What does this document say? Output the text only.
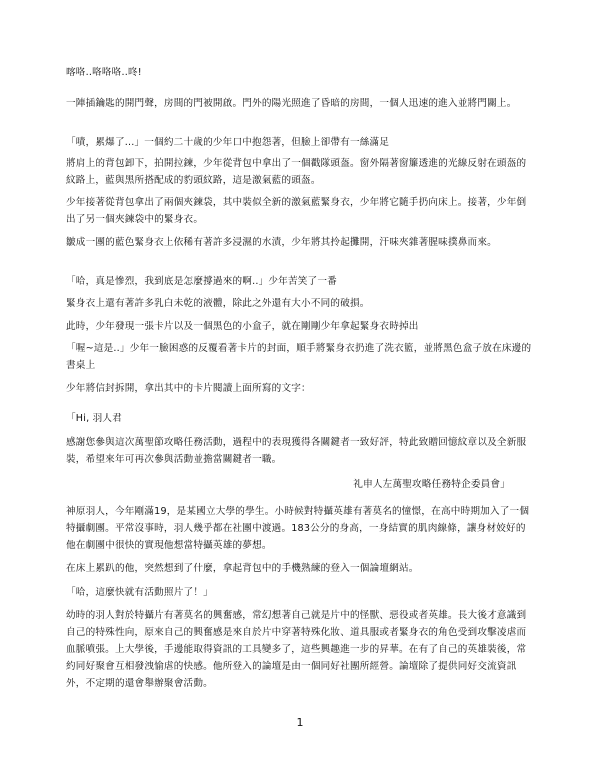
喀咯..咯咯咯..咚!

一陣插鑰匙的開門聲，房間的門被開啟。門外的陽光照進了昏暗的房間，一個人迅速的進入並將門關上。

「嘖，累爆了...」一個約二十歲的少年口中抱怨著，但臉上卻帶有一絲滿足

將肩上的背包卸下，拍開拉鍊，少年從背包中拿出了一個戳隊頭盔。窗外隔著窗簾透進的光線反射在頭盔的紋路上，藍與黑所搭配成的豹頭紋路，這是激氣藍的頭盔。

少年接著從背包拿出了兩個夾鍊袋，其中裝似全新的激氣藍緊身衣，少年將它隨手扔向床上。接著，少年倒出了另一個夾鍊袋中的緊身衣。

皺成一團的藍色緊身衣上依稀有著許多浸濕的水漬，少年將其拎起攤開，汗味夾雜著腥味撲鼻而來。

「哈，真是慘烈，我到底是怎麼撐過來的啊..」少年苦笑了一番

緊身衣上還有著許多乳白未乾的液體，除此之外還有大小不同的破損。

此時，少年發現一張卡片以及一個黑色的小盒子，就在剛剛少年拿起緊身衣時掉出

「喔~這是..」少年一臉困惑的反覆看著卡片的封面，順手將緊身衣扔進了洗衣籃，並將黑色盒子放在床邊的書桌上

少年將信封拆開，拿出其中的卡片閱讀上面所寫的文字：

「Hi, 羽人君

感謝您參與這次萬聖節攻略任務活動，過程中的表現獲得各關鍵者一致好評，特此致贈回憶紋章以及全新服裝，希望來年可再次參與活動並擔當關鍵者一職。

礼申人左萬聖攻略任務特企委員會」

神原羽人，今年剛滿19，是某國立大學的學生。小時候對特攝英雄有著莫名的憧憬，在高中時期加入了一個特攝劇團。平常沒事時，羽人幾乎都在社團中渡過。183公分的身高，一身結實的肌肉線條，讓身材姣好的他在劇團中很快的實現他想當特攝英雄的夢想。

在床上累趴的他，突然想到了什麼，拿起背包中的手機熟練的登入一個論壇網站。

「哈，這麼快就有活動照片了！」

幼時的羽人對於特攝片有著莫名的興奮感，常幻想著自己就是片中的怪獸、惡役或者英雄。長大後才意識到自己的特殊性向，原來自己的興奮感是來自於片中穿著特殊化妝、道具服或者緊身衣的角色受到攻擊凌虐而血脈噴張。上大學後，手邊能取得資訊的工具變多了，這些興趣進一步的昇華。在有了自己的英雄裝後，常約同好聚會互相發洩愉虐的快感。他所登入的論壇是由一個同好社團所經營。論壇除了提供同好交流資訊外，不定期的還會舉辦聚會活動。

1
